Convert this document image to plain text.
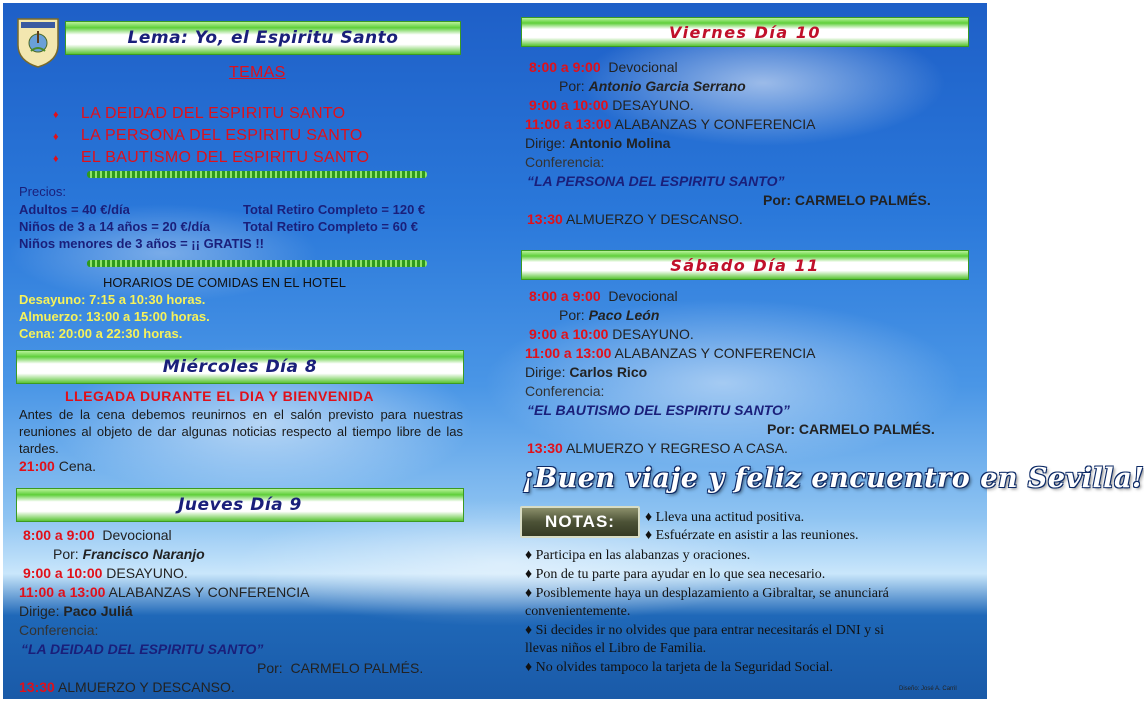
Lema: Yo, el Espiritu Santo
TEMAS
♦ LA DEIDAD DEL ESPIRITU SANTO
♦ LA PERSONA DEL ESPIRITU SANTO
♦ EL BAUTISMO DEL ESPIRITU SANTO
Precios:
Adultos = 40 €/día
Niños de 3 a 14 años = 20 €/día
Niños menores de 3 años = ¡¡ GRATIS !!
Total Retiro Completo = 120 €
Total Retiro Completo = 60 €
HORARIOS DE COMIDAS EN EL HOTEL
Desayuno: 7:15 a 10:30 horas.
Almuerzo: 13:00 a 15:00 horas.
Cena: 20:00 a 22:30 horas.
Miércoles Día 8
LLEGADA DURANTE EL DIA Y BIENVENIDA
Antes de la cena debemos reunirnos en el salón previsto para nuestras reuniones al objeto de dar algunas noticias respecto al tiempo libre de las tardes.
21:00 Cena.
Jueves Día 9
8:00 a 9:00 Devocional
Por: Francisco Naranjo
9:00 a 10:00 DESAYUNO.
11:00 a 13:00 ALABANZAS Y CONFERENCIA
Dirige: Paco Juliá
Conferencia:
“LA DEIDAD DEL ESPIRITU SANTO”
Por: CARMELO PALMÉS.
13:30 ALMUERZO Y DESCANSO.
Viernes Día 10
8:00 a 9:00 Devocional
Por: Antonio Garcia Serrano
9:00 a 10:00 DESAYUNO.
11:00 a 13:00 ALABANZAS Y CONFERENCIA
Dirige: Antonio Molina
Conferencia:
“LA PERSONA DEL ESPIRITU SANTO”
Por: CARMELO PALMÉS.
13:30 ALMUERZO Y DESCANSO.
Sábado Día 11
8:00 a 9:00 Devocional
Por: Paco León
9:00 a 10:00 DESAYUNO.
11:00 a 13:00 ALABANZAS Y CONFERENCIA
Dirige: Carlos Rico
Conferencia:
“EL BAUTISMO DEL ESPIRITU SANTO”
Por: CARMELO PALMÉS.
13:30 ALMUERZO Y REGRESO A CASA.
¡Buen viaje y feliz encuentro en Sevilla!
NOTAS: ♦ Lleva una actitud positiva.
♦ Esfuérzate en asistir a las reuniones.
♦ Participa en las alabanzas y oraciones.
♦ Pon de tu parte para ayudar en lo que sea necesario.
♦ Posiblemente haya un desplazamiento a Gibraltar, se anunciará
convenientemente.
♦ Si decides ir no olvides que para entrar necesitarás el DNI y si
llevas niños el Libro de Familia.
♦ No olvides tampoco la tarjeta de la Seguridad Social.
Diseño: José A. Carril
